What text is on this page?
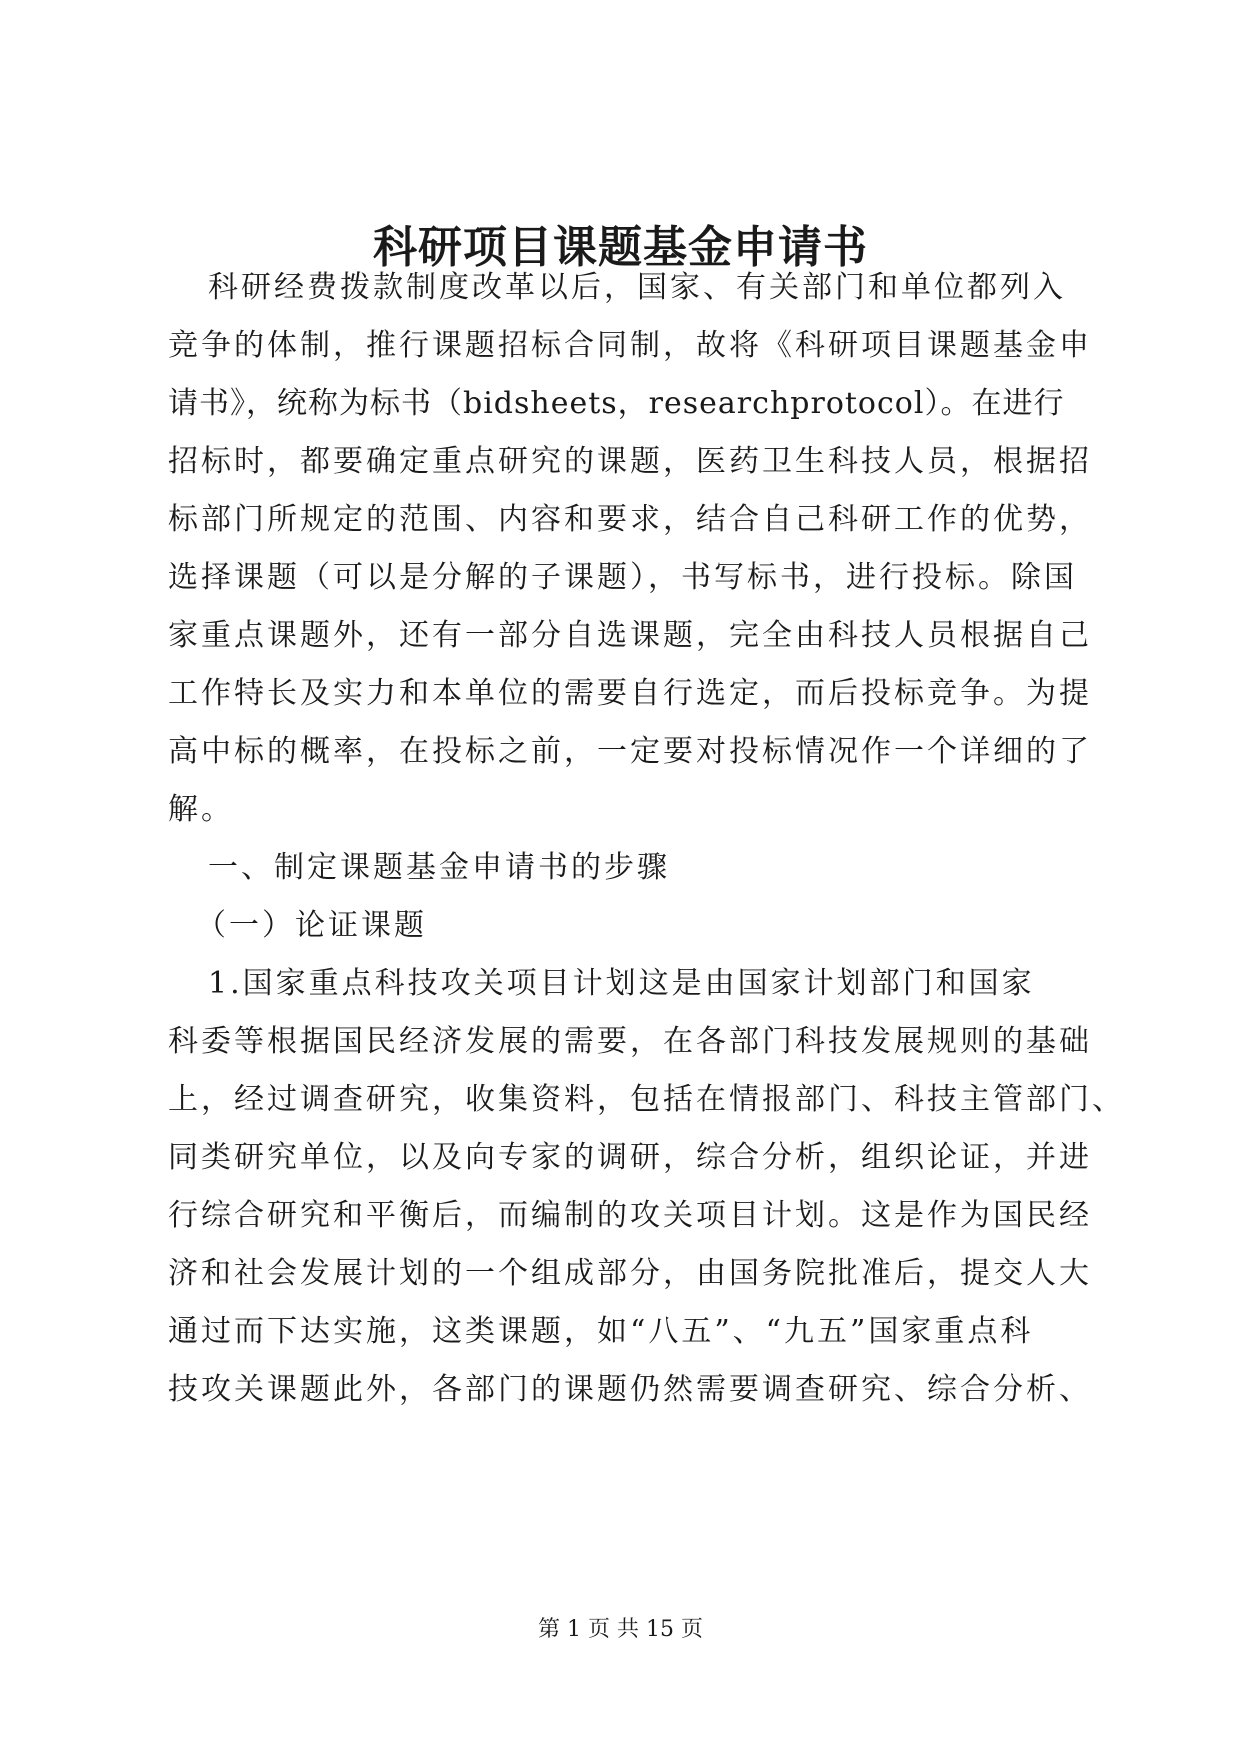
科研项目课题基金申请书
科研经费拨款制度改革以后，国家、有关部门和单位都列入
竞争的体制，推行课题招标合同制，故将《科研项目课题基金申
请书》，统称为标书（bidsheets，researchprotocol）。在进行
招标时，都要确定重点研究的课题，医药卫生科技人员，根据招
标部门所规定的范围、内容和要求，结合自己科研工作的优势，
选择课题（可以是分解的子课题），书写标书，进行投标。除国
家重点课题外，还有一部分自选课题，完全由科技人员根据自己
工作特长及实力和本单位的需要自行选定，而后投标竞争。为提
高中标的概率，在投标之前，一定要对投标情况作一个详细的了
解。
一、制定课题基金申请书的步骤
（一）论证课题
1.国家重点科技攻关项目计划这是由国家计划部门和国家
科委等根据国民经济发展的需要，在各部门科技发展规则的基础
上，经过调查研究，收集资料，包括在情报部门、科技主管部门、
同类研究单位，以及向专家的调研，综合分析，组织论证，并进
行综合研究和平衡后，而编制的攻关项目计划。这是作为国民经
济和社会发展计划的一个组成部分，由国务院批准后，提交人大
通过而下达实施，这类课题，如“八五”、“九五”国家重点科
技攻关课题此外，各部门的课题仍然需要调查研究、综合分析、
第 1 页 共 15 页
